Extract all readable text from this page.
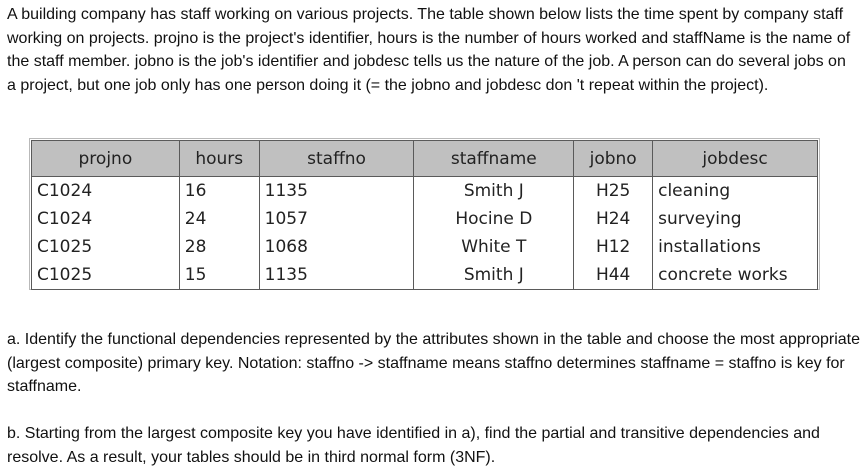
A building company has staff working on various projects. The table shown below lists the time spent by company staff working on projects. projno is the project's identifier, hours is the number of hours worked and staffName is the name of the staff member. jobno is the job's identifier and jobdesc tells us the nature of the job. A person can do several jobs on a project, but one job only has one person doing it (= the jobno and jobdesc don 't repeat within the project).

projno	hours	staffno	staffname	jobno	jobdesc
C1024	16	1135	Smith J	H25	cleaning
C1024	24	1057	Hocine D	H24	surveying
C1025	28	1068	White T	H12	installations
C1025	15	1135	Smith J	H44	concrete works

a. Identify the functional dependencies represented by the attributes shown in the table and choose the most appropriate (largest composite) primary key. Notation: staffno -> staffname means staffno determines staffname = staffno is key for staffname.

b. Starting from the largest composite key you have identified in a), find the partial and transitive dependencies and resolve. As a result, your tables should be in third normal form (3NF).
